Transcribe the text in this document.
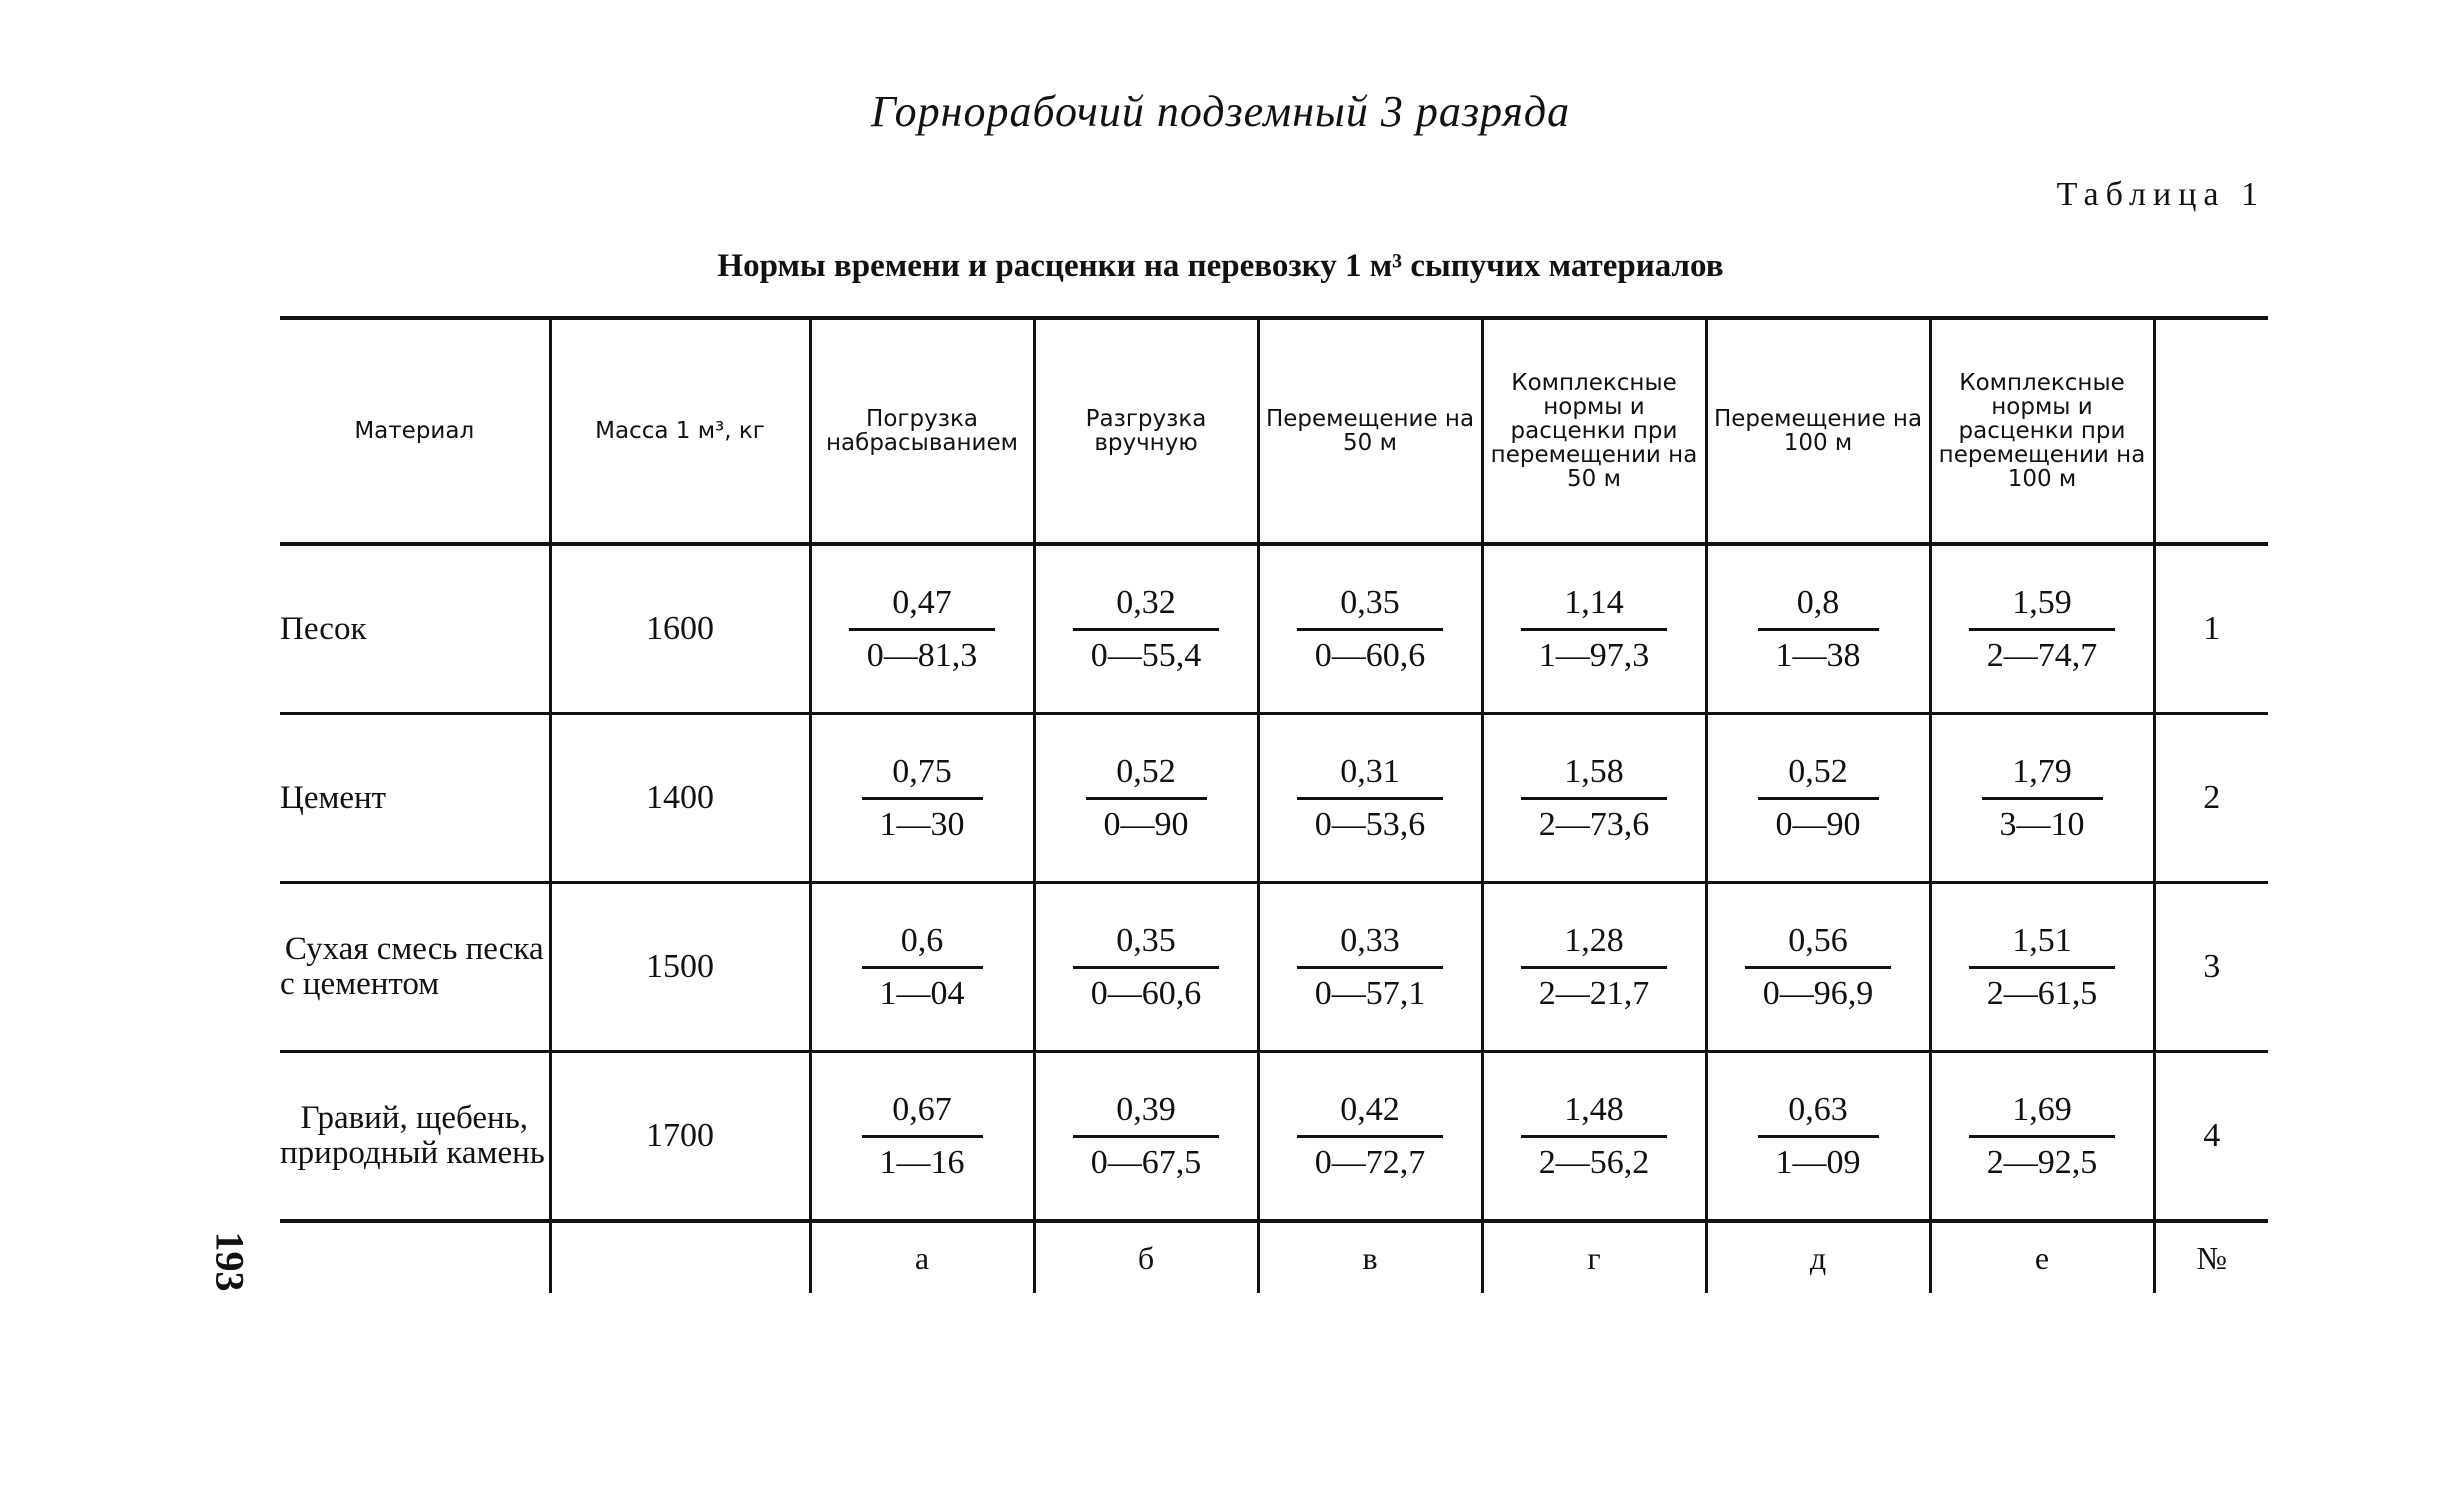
Горнорабочий подземный 3 разряда
Таблица 1
Нормы времени и расценки на перевозку 1 м³ сыпучих материалов
193
Материал	Масса 1 м³, кг	Погрузка набрасыванием	Разгрузка вручную	Перемещение на 50 м	Комплексные нормы и расценки при перемещении на 50 м	Перемещение на 100 м	Комплексные нормы и расценки при перемещении на 100 м	
Песок	1600	$\frac{0,47}{0—81,3}$	$\frac{0,32}{0—55,4}$	$\frac{0,35}{0—60,6}$	$\frac{1,14}{1—97,3}$	$\frac{0,8}{1—38}$	$\frac{1,59}{2—74,7}$	1
Цемент	1400	$\frac{0,75}{1—30}$	$\frac{0,52}{0—90}$	$\frac{0,31}{0—53,6}$	$\frac{1,58}{2—73,6}$	$\frac{0,52}{0—90}$	$\frac{1,79}{3—10}$	2
Сухая смесь песка с цементом	1500	$\frac{0,6}{1—04}$	$\frac{0,35}{0—60,6}$	$\frac{0,33}{0—57,1}$	$\frac{1,28}{2—21,7}$	$\frac{0,56}{0—96,9}$	$\frac{1,51}{2—61,5}$	3
Гравий, щебень, природный камень	1700	$\frac{0,67}{1—16}$	$\frac{0,39}{0—67,5}$	$\frac{0,42}{0—72,7}$	$\frac{1,48}{2—56,2}$	$\frac{0,63}{1—09}$	$\frac{1,69}{2—92,5}$	4
		а	б	в	г	д	е	№
